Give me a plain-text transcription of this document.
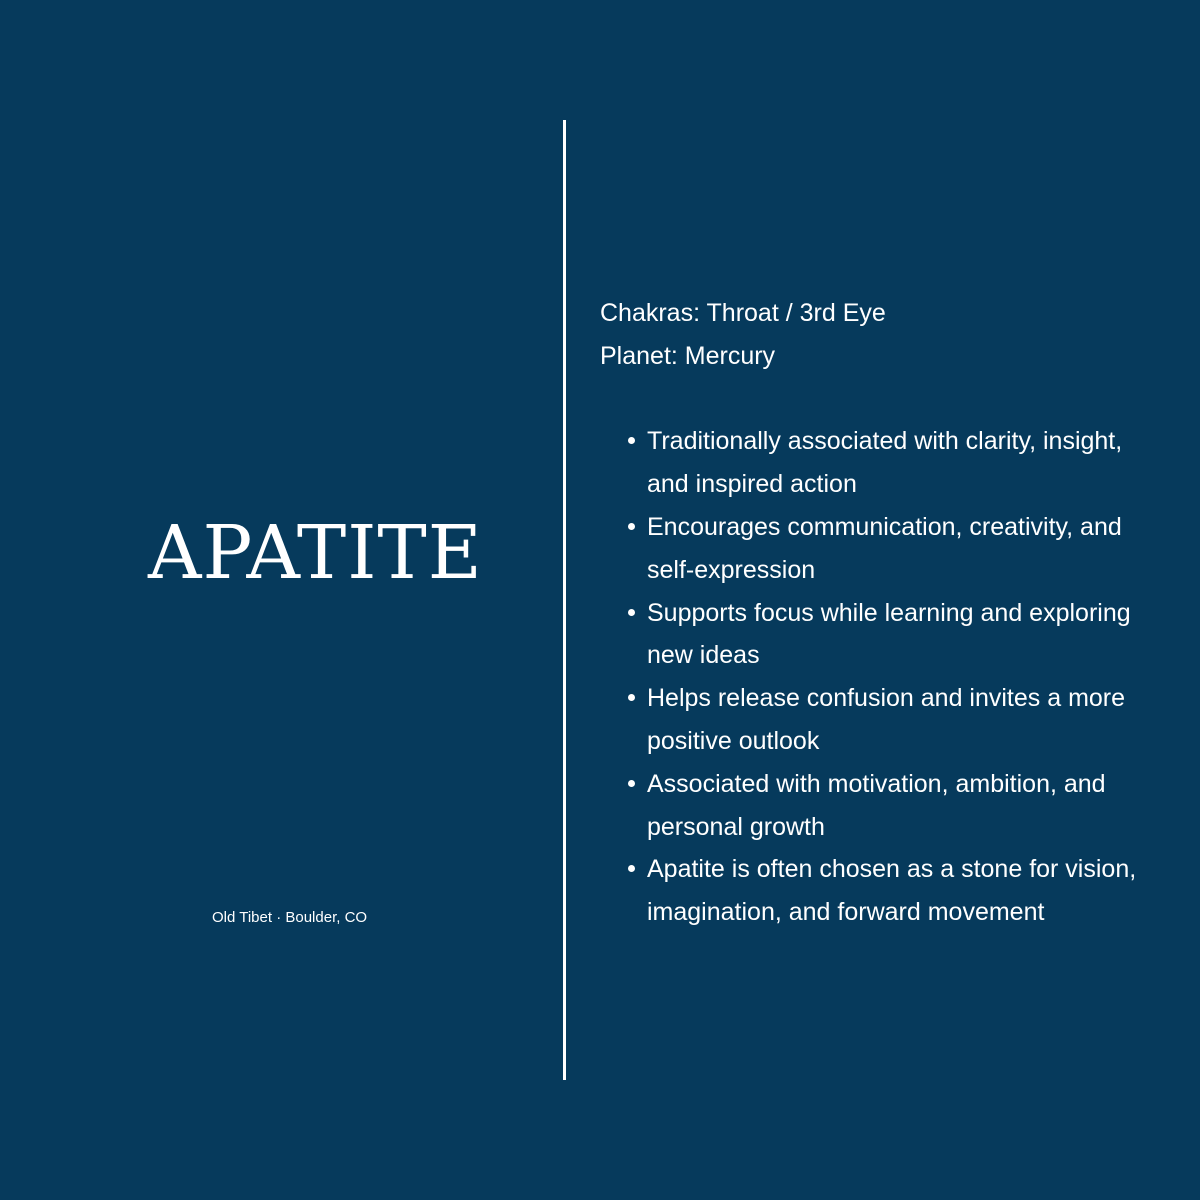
APATITE
Old Tibet · Boulder, CO
Chakras: Throat / 3rd Eye
Planet: Mercury
Traditionally associated with clarity, insight, and inspired action
Encourages communication, creativity, and self-expression
Supports focus while learning and exploring new ideas
Helps release confusion and invites a more positive outlook
Associated with motivation, ambition, and personal growth
Apatite is often chosen as a stone for vision, imagination, and forward movement
